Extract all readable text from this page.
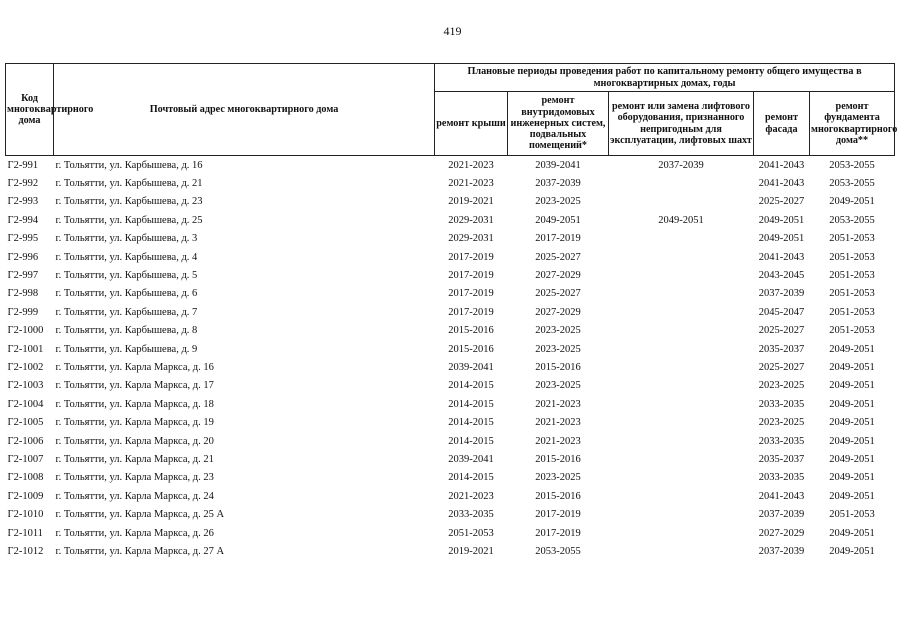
419
Код многоквартирного дома	Почтовый адрес многоквартирного дома	Плановые периоды проведения работ по капитальному ремонту общего имущества в многоквартирных домах, годы				
		ремонт крыши	ремонт внутридомовых инженерных систем, подвальных помещений*	ремонт или замена лифтового оборудования, признанного непригодным для эксплуатации, лифтовых шахт	ремонт фасада	ремонт фундамента многоквартирного дома**
Г2-991	г. Тольятти, ул. Карбышева, д. 16	2021-2023	2039-2041	2037-2039	2041-2043	2053-2055
Г2-992	г. Тольятти, ул. Карбышева, д. 21	2021-2023	2037-2039		2041-2043	2053-2055
Г2-993	г. Тольятти, ул. Карбышева, д. 23	2019-2021	2023-2025		2025-2027	2049-2051
Г2-994	г. Тольятти, ул. Карбышева, д. 25	2029-2031	2049-2051	2049-2051	2049-2051	2053-2055
Г2-995	г. Тольятти, ул. Карбышева, д. 3	2029-2031	2017-2019		2049-2051	2051-2053
Г2-996	г. Тольятти, ул. Карбышева, д. 4	2017-2019	2025-2027		2041-2043	2051-2053
Г2-997	г. Тольятти, ул. Карбышева, д. 5	2017-2019	2027-2029		2043-2045	2051-2053
Г2-998	г. Тольятти, ул. Карбышева, д. 6	2017-2019	2025-2027		2037-2039	2051-2053
Г2-999	г. Тольятти, ул. Карбышева, д. 7	2017-2019	2027-2029		2045-2047	2051-2053
Г2-1000	г. Тольятти, ул. Карбышева, д. 8	2015-2016	2023-2025		2025-2027	2051-2053
Г2-1001	г. Тольятти, ул. Карбышева, д. 9	2015-2016	2023-2025		2035-2037	2049-2051
Г2-1002	г. Тольятти, ул. Карла Маркса, д. 16	2039-2041	2015-2016		2025-2027	2049-2051
Г2-1003	г. Тольятти, ул. Карла Маркса, д. 17	2014-2015	2023-2025		2023-2025	2049-2051
Г2-1004	г. Тольятти, ул. Карла Маркса, д. 18	2014-2015	2021-2023		2033-2035	2049-2051
Г2-1005	г. Тольятти, ул. Карла Маркса, д. 19	2014-2015	2021-2023		2023-2025	2049-2051
Г2-1006	г. Тольятти, ул. Карла Маркса, д. 20	2014-2015	2021-2023		2033-2035	2049-2051
Г2-1007	г. Тольятти, ул. Карла Маркса, д. 21	2039-2041	2015-2016		2035-2037	2049-2051
Г2-1008	г. Тольятти, ул. Карла Маркса, д. 23	2014-2015	2023-2025		2033-2035	2049-2051
Г2-1009	г. Тольятти, ул. Карла Маркса, д. 24	2021-2023	2015-2016		2041-2043	2049-2051
Г2-1010	г. Тольятти, ул. Карла Маркса, д. 25 А	2033-2035	2017-2019		2037-2039	2051-2053
Г2-1011	г. Тольятти, ул. Карла Маркса, д. 26	2051-2053	2017-2019		2027-2029	2049-2051
Г2-1012	г. Тольятти, ул. Карла Маркса, д. 27 А	2019-2021	2053-2055		2037-2039	2049-2051
